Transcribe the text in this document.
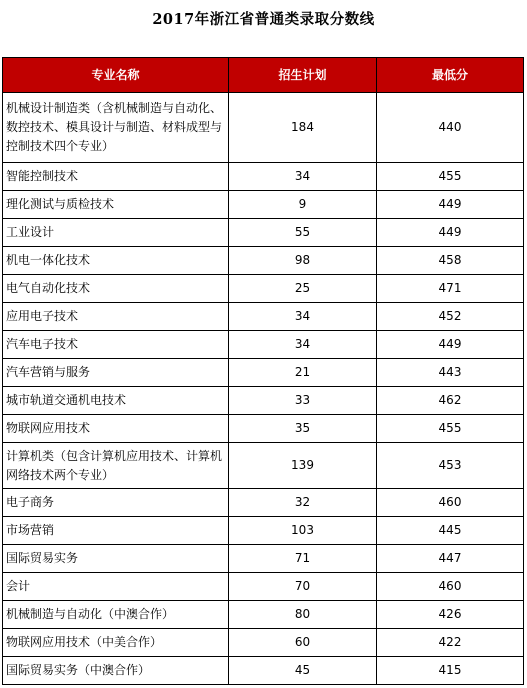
2017年浙江省普通类录取分数线
专业名称	招生计划	最低分
机械设计制造类（含机械制造与自动化、数控技术、模具设计与制造、材料成型与控制技术四个专业）	184	440
智能控制技术	34	455
理化测试与质检技术	9	449
工业设计	55	449
机电一体化技术	98	458
电气自动化技术	25	471
应用电子技术	34	452
汽车电子技术	34	449
汽车营销与服务	21	443
城市轨道交通机电技术	33	462
物联网应用技术	35	455
计算机类（包含计算机应用技术、计算机网络技术两个专业）	139	453
电子商务	32	460
市场营销	103	445
国际贸易实务	71	447
会计	70	460
机械制造与自动化（中澳合作）	80	426
物联网应用技术（中美合作）	60	422
国际贸易实务（中澳合作）	45	415
